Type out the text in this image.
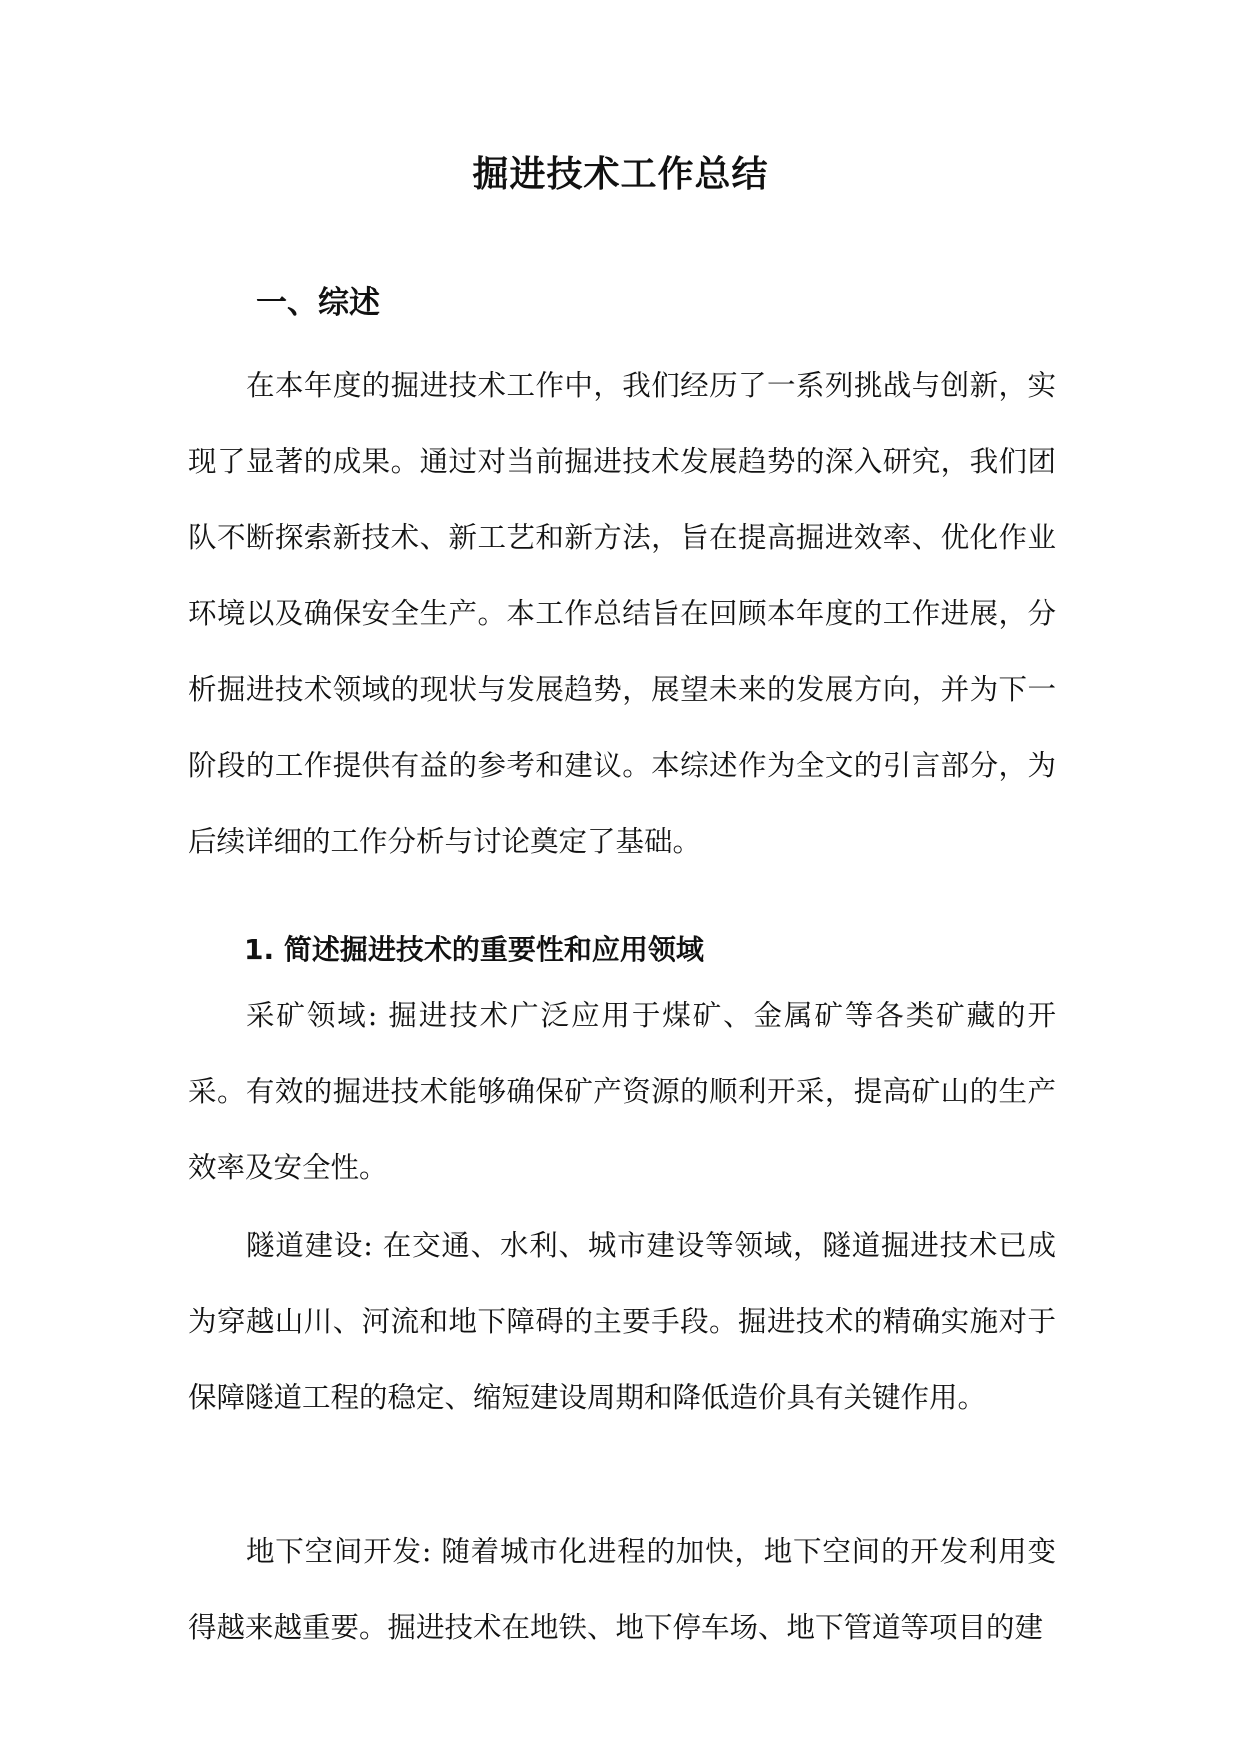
掘进技术工作总结
一、综述

在本年度的掘进技术工作中，我们经历了一系列挑战与创新，实现了显著的成果。通过对当前掘进技术发展趋势的深入研究，我们团队不断探索新技术、新工艺和新方法，旨在提高掘进效率、优化作业环境以及确保安全生产。本工作总结旨在回顾本年度的工作进展，分析掘进技术领域的现状与发展趋势，展望未来的发展方向，并为下一阶段的工作提供有益的参考和建议。本综述作为全文的引言部分，为后续详细的工作分析与讨论奠定了基础。

1. 简述掘进技术的重要性和应用领域

采矿领域: 掘进技术广泛应用于煤矿、金属矿等各类矿藏的开采。有效的掘进技术能够确保矿产资源的顺利开采，提高矿山的生产效率及安全性。

隧道建设: 在交通、水利、城市建设等领域，隧道掘进技术已成为穿越山川、河流和地下障碍的主要手段。掘进技术的精确实施对于保障隧道工程的稳定、缩短建设周期和降低造价具有关键作用。

地下空间开发: 随着城市化进程的加快，地下空间的开发利用变得越来越重要。掘进技术在地铁、地下停车场、地下管道等项目的建
